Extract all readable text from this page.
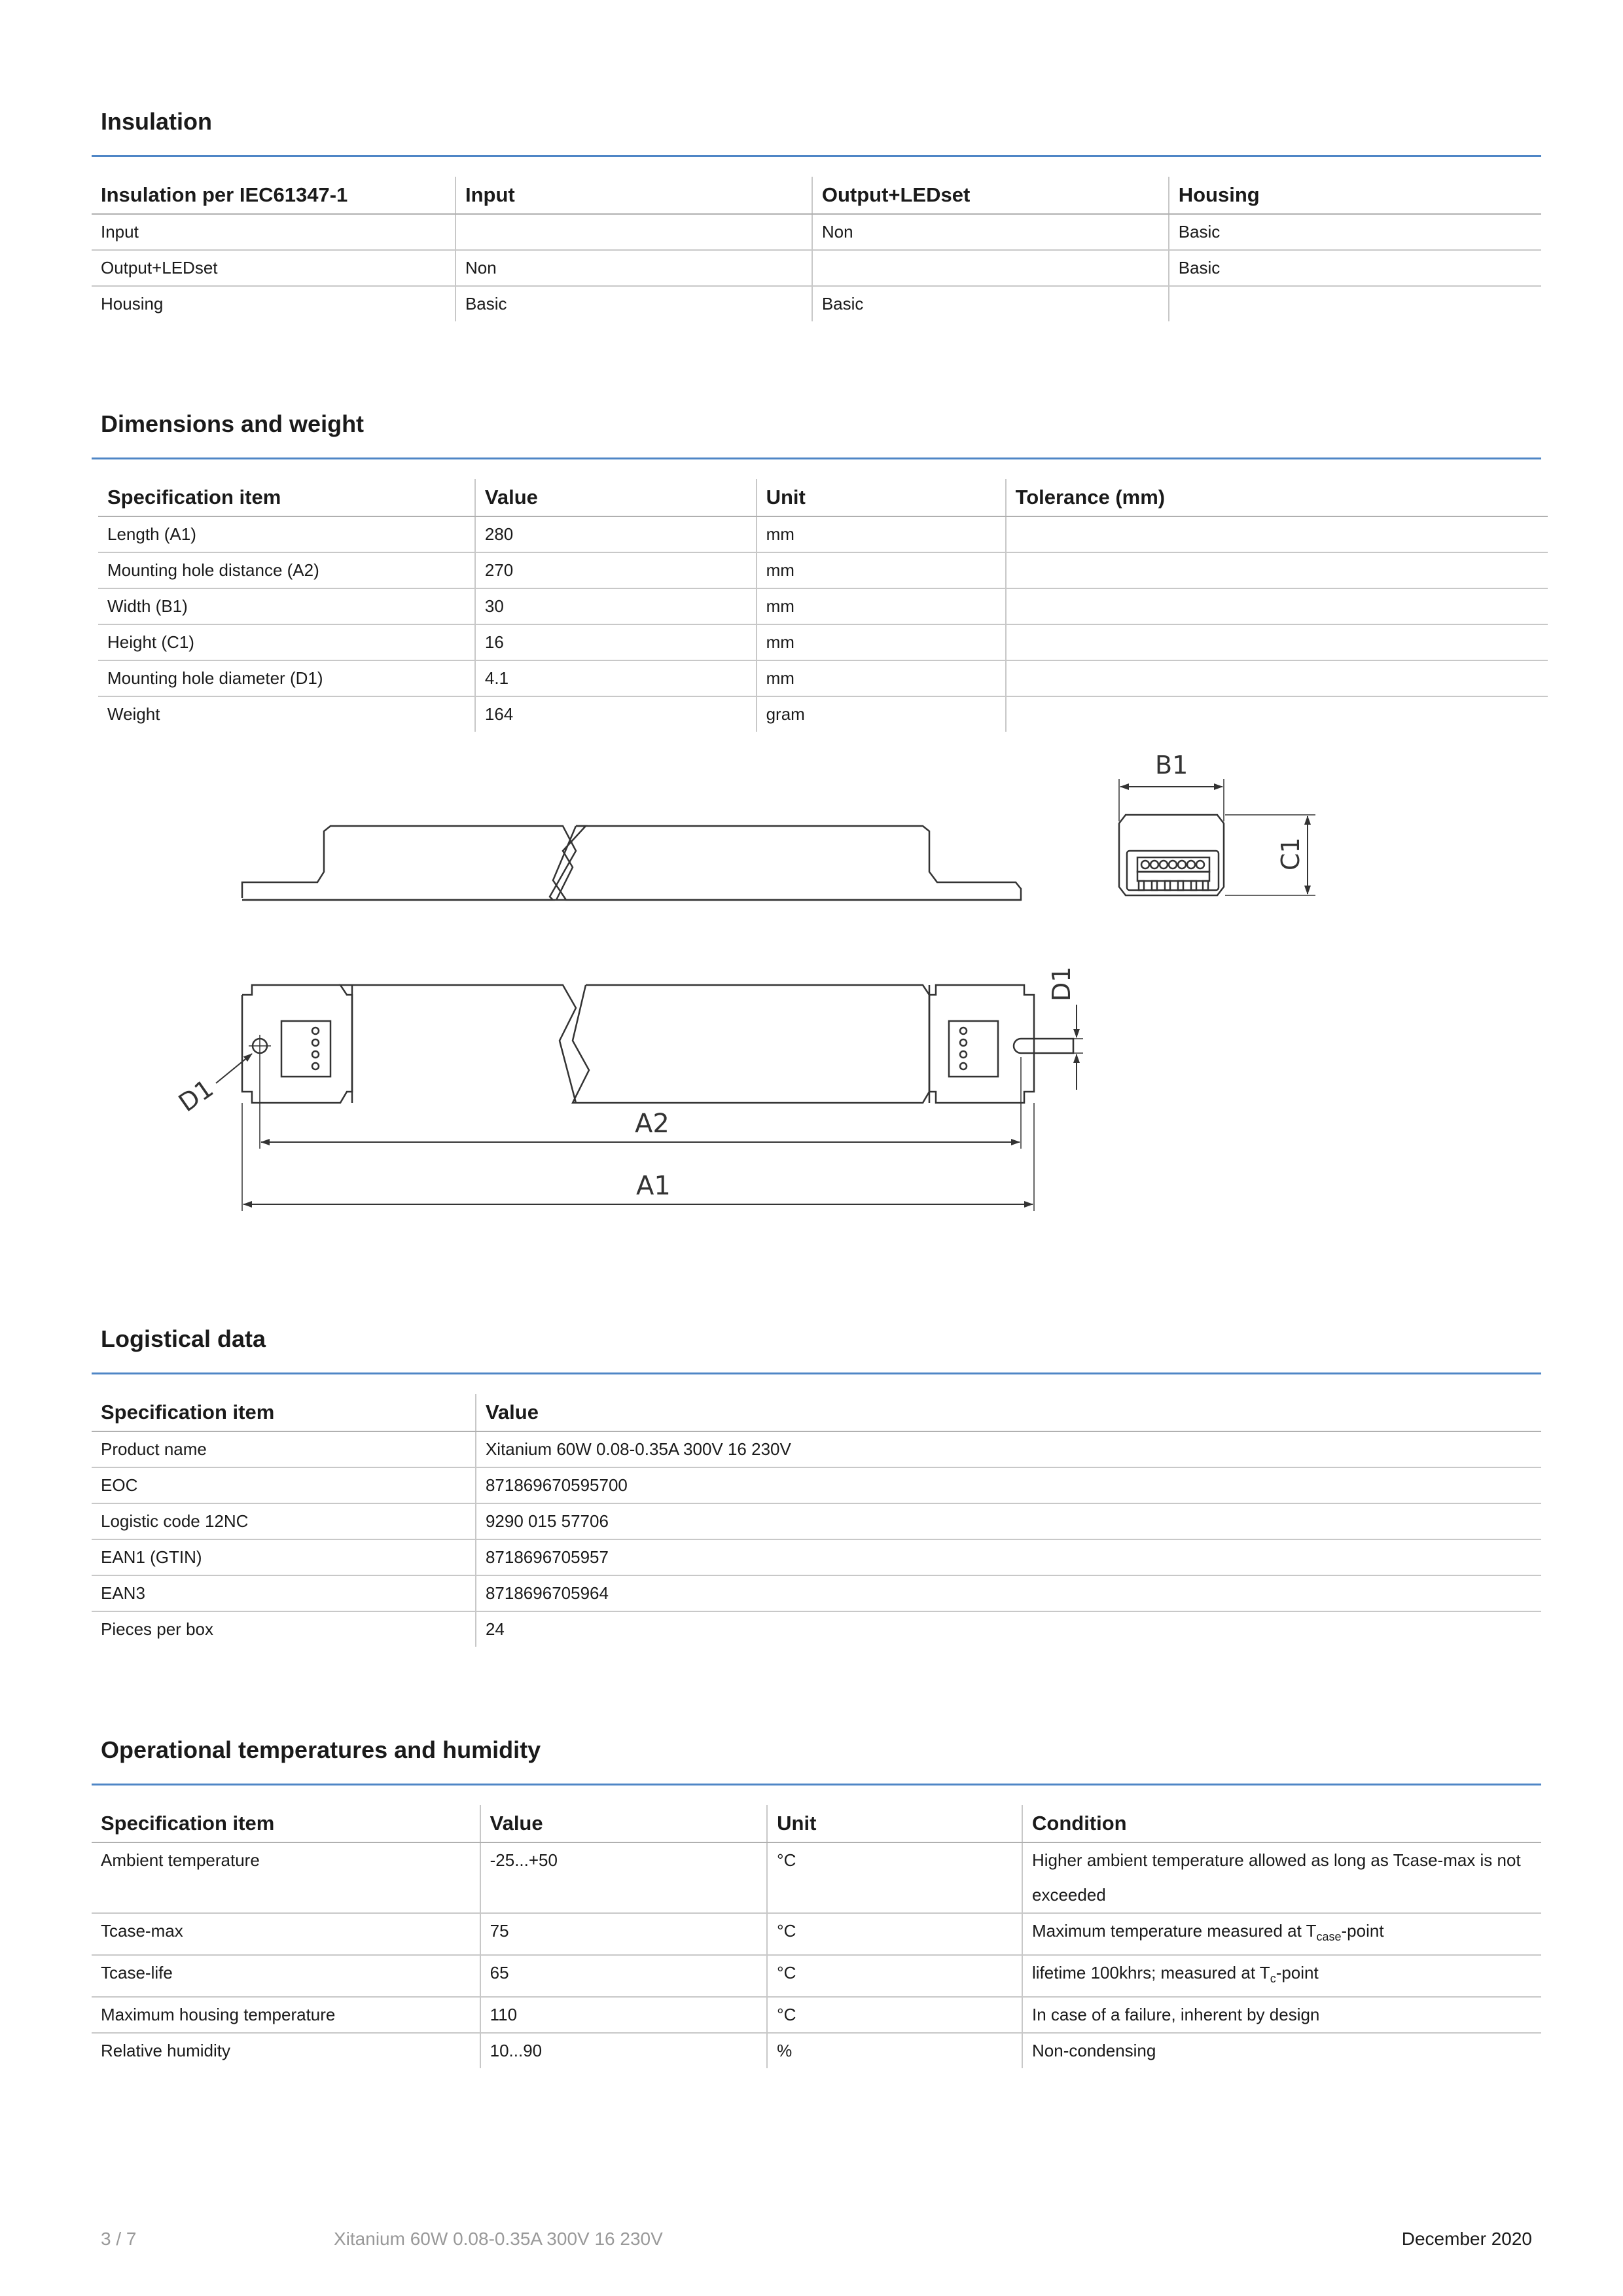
Insulation
Insulation per IEC61347-1	Input	Output+LEDset	Housing
Input		Non	Basic
Output+LEDset	Non		Basic
Housing	Basic	Basic	
Dimensions and weight
Specification item	Value	Unit	Tolerance (mm)
Length (A1)	280	mm	
Mounting hole distance (A2)	270	mm	
Width (B1)	30	mm	
Height (C1)	16	mm	
Mounting hole diameter (D1)	4.1	mm	
Weight	164	gram	
B1
C1
D1
D1
A2
A1
Logistical data
Specification item	Value
Product name	Xitanium 60W 0.08-0.35A 300V 16 230V
EOC	871869670595700
Logistic code 12NC	9290 015 57706
EAN1 (GTIN)	8718696705957
EAN3	8718696705964
Pieces per box	24
Operational temperatures and humidity
Specification item	Value	Unit	Condition
Ambient temperature	-25...+50	°C	Higher ambient temperature allowed as long as Tcase-max is not exceeded
Tcase-max	75	°C	Maximum temperature measured at $T_{case}$-point
Tcase-life	65	°C	lifetime 100khrs; measured at $T_c$-point
Maximum housing temperature	110	°C	In case of a failure, inherent by design
Relative humidity	10...90	%	Non-condensing
3 / 7	Xitanium 60W 0.08-0.35A 300V 16 230V	December 2020
